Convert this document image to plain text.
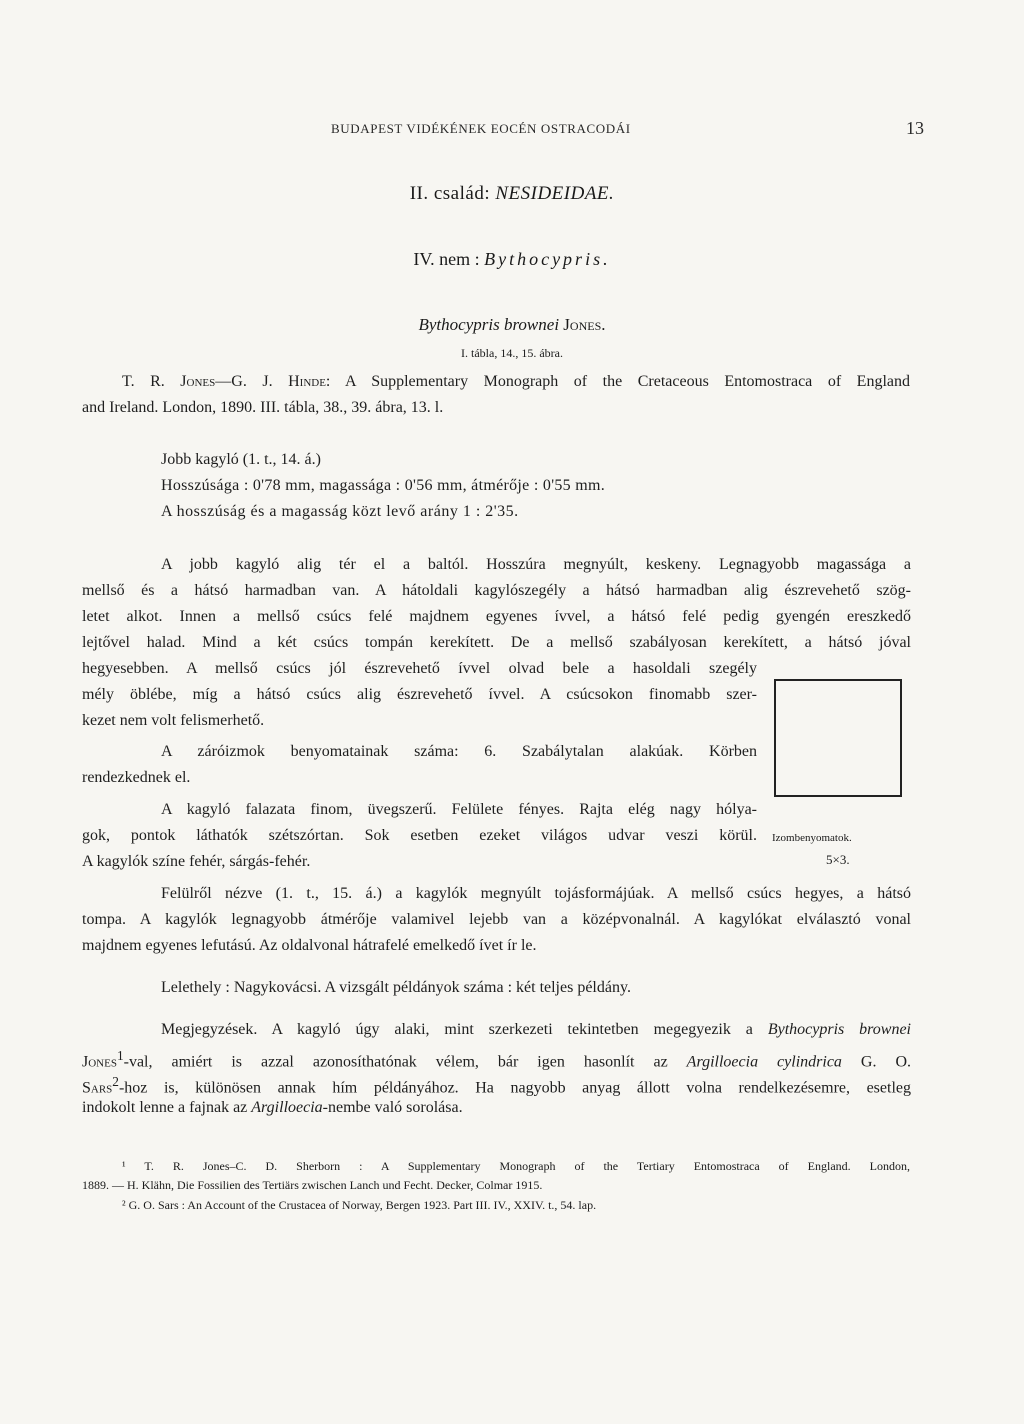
BUDAPEST VIDÉKÉNEK EOCÉN OSTRACODÁI	13
II. család: NESIDEIDAE.
IV. nem : Bythocypris.
Bythocypris brownei Jones.
I. tábla, 14., 15. ábra.
T. R. Jones—G. J. Hinde: A Supplementary Monograph of the Cretaceous Entomostraca of England
and Ireland. London, 1890. III. tábla, 38., 39. ábra, 13. l.
Jobb kagyló (1. t., 14. á.)
Hosszúsága : 0'78 mm, magassága : 0'56 mm, átmérője : 0'55 mm.
A hosszúság és a magasság közt levő arány 1 : 2'35.
A jobb kagyló alig tér el a baltól. Hosszúra megnyúlt, keskeny. Legnagyobb magassága a
mellső és a hátsó harmadban van. A hátoldali kagylószegély a hátsó harmadban alig észrevehető szög-
letet alkot. Innen a mellső csúcs felé majdnem egyenes ívvel, a hátsó felé pedig gyengén ereszkedő
lejtővel halad. Mind a két csúcs tompán kerekített. De a mellső szabályosan kerekített, a hátsó jóval
hegyesebben. A mellső csúcs jól észrevehető ívvel olvad bele a hasoldali szegély
mély öblébe, míg a hátsó csúcs alig észrevehető ívvel. A csúcsokon finomabb szer-
kezet nem volt felismerhető.
A záróizmok benyomatainak száma: 6. Szabálytalan alakúak. Körben
rendezkednek el.
A kagyló falazata finom, üvegszerű. Felülete fényes. Rajta elég nagy hólya-
gok, pontok láthatók szétszórtan. Sok esetben ezeket világos udvar veszi körül.
A kagylók színe fehér, sárgás-fehér.
Izombenyomatok.
5×3.
Felülről nézve (1. t., 15. á.) a kagylók megnyúlt tojásformájúak. A mellső csúcs hegyes, a hátsó
tompa. A kagylók legnagyobb átmérője valamivel lejebb van a középvonalnál. A kagylókat elválasztó vonal
majdnem egyenes lefutású. Az oldalvonal hátrafelé emelkedő ívet ír le.
Lelethely : Nagykovácsi. A vizsgált példányok száma : két teljes példány.
Megjegyzések. A kagyló úgy alaki, mint szerkezeti tekintetben megegyezik a Bythocypris brownei
Jones$^1$-val, amiért is azzal azonosíthatónak vélem, bár igen hasonlít az Argilloecia cylindrica G. O.
Sars$^2$-hoz is, különösen annak hím példányához. Ha nagyobb anyag állott volna rendelkezésemre, esetleg
indokolt lenne a fajnak az Argilloecia-nembe való sorolása.
¹ T. R. Jones–C. D. Sherborn : A Supplementary Monograph of the Tertiary Entomostraca of England. London,
1889. — H. Klähn, Die Fossilien des Tertiärs zwischen Lanch und Fecht. Decker, Colmar 1915.
² G. O. Sars : An Account of the Crustacea of Norway, Bergen 1923. Part III. IV., XXIV. t., 54. lap.
